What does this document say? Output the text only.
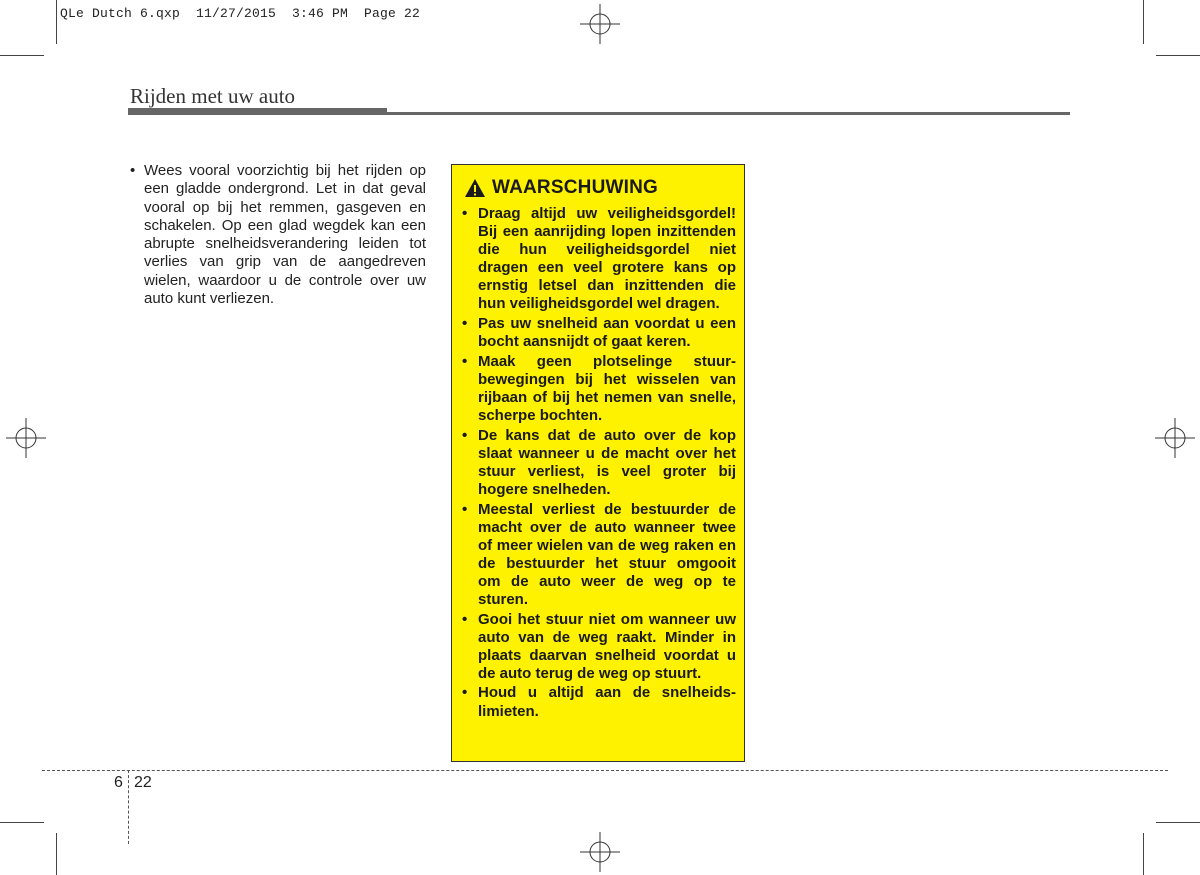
QLe Dutch 6.qxp  11/27/2015  3:46 PM  Page 22
Rijden met uw auto
• Wees vooral voorzichtig bij het rijden op een gladde ondergrond. Let in dat geval vooral op bij het remmen, gasgeven en schakelen. Op een glad wegdek kan een abrupte snelheidsverandering leiden tot verlies van grip van de aangedreven wielen, waardoor u de controle over uw auto kunt verliezen.
WAARSCHUWING
• Draag altijd uw veiligheidsgordel! Bij een aanrijding lopen inzittenden die hun veiligheidsgordel niet dragen een veel grotere kans op ernstig letsel dan inzittenden die hun veiligheidsgordel wel dragen.
• Pas uw snelheid aan voordat u een bocht aansnijdt of gaat keren.
• Maak geen plotselinge stuurbewegingen bij het wisselen van rijbaan of bij het nemen van snelle, scherpe bochten.
• De kans dat de auto over de kop slaat wanneer u de macht over het stuur verliest, is veel groter bij hogere snelheden.
• Meestal verliest de bestuurder de macht over de auto wanneer twee of meer wielen van de weg raken en de bestuurder het stuur omgooit om de auto weer de weg op te sturen.
• Gooi het stuur niet om wanneer uw auto van de weg raakt. Minder in plaats daarvan snelheid voordat u de auto terug de weg op stuurt.
• Houd u altijd aan de snelheidslimieten.
6 22
